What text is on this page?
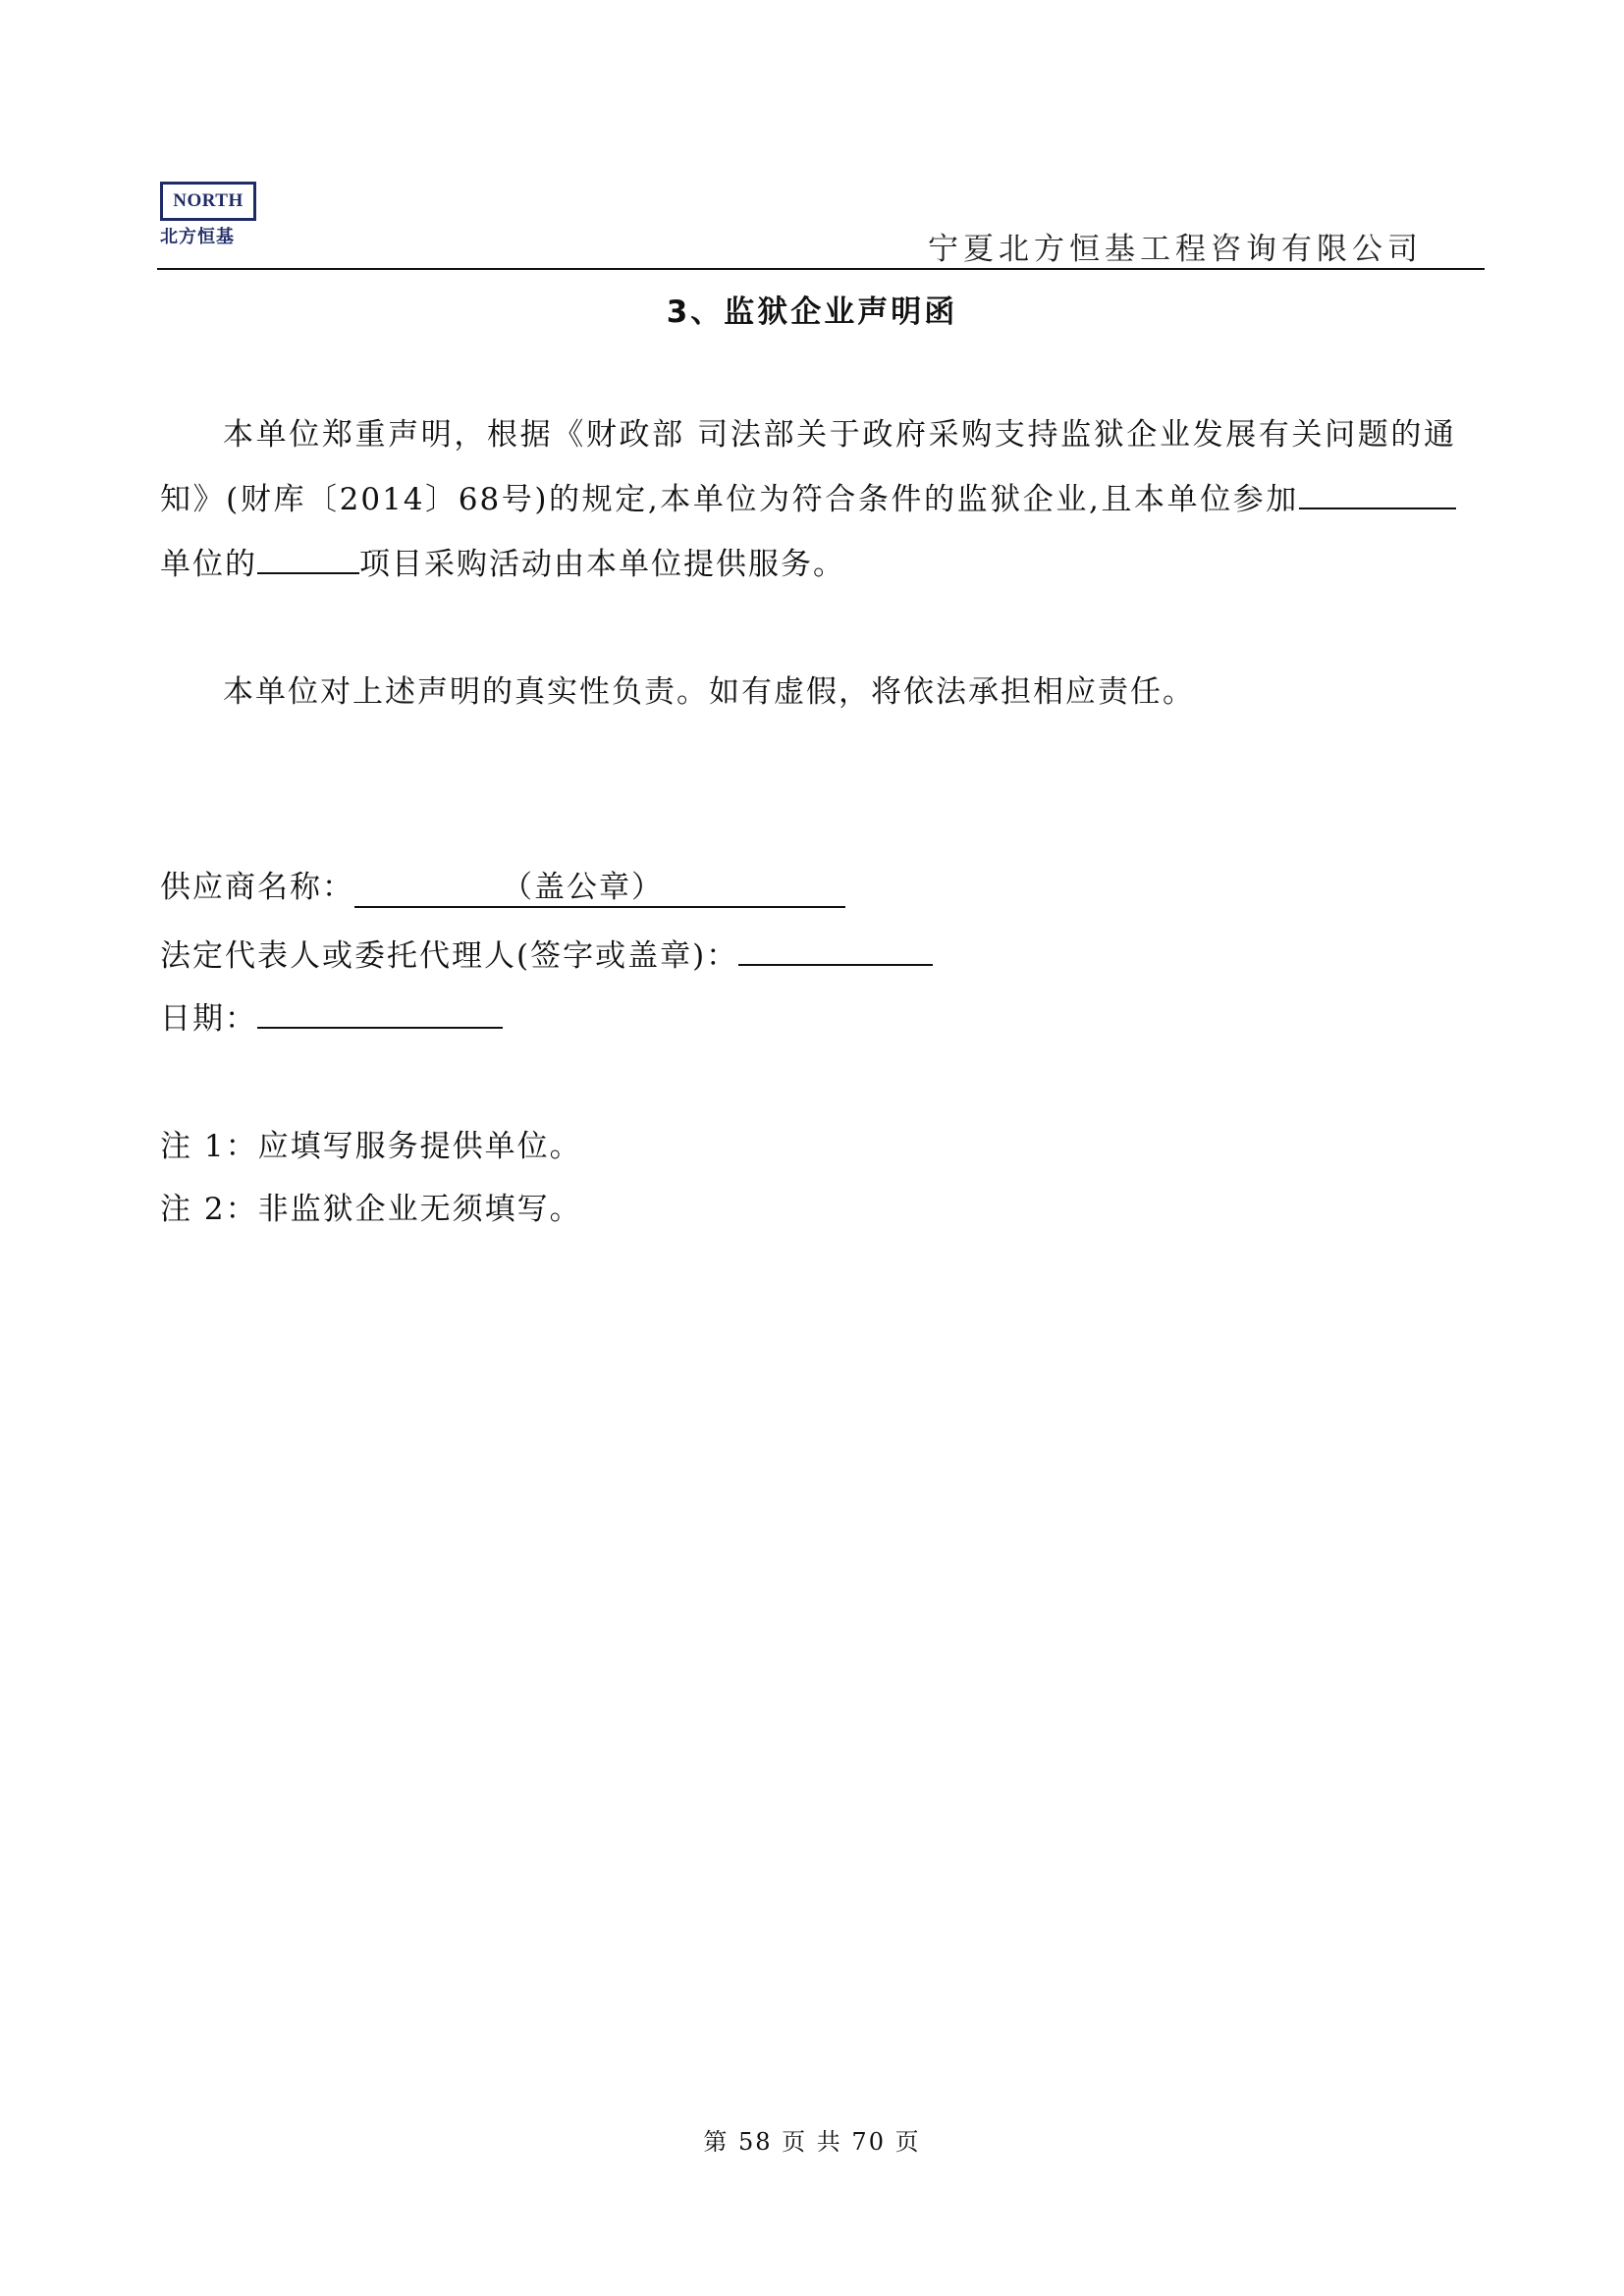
NORTH
北方恒基	宁夏北方恒基工程咨询有限公司
3、监狱企业声明函
本单位郑重声明，根据《财政部 司法部关于政府采购支持监狱企业发展有关问题的通知》(财库〔2014〕68号)的规定,本单位为符合条件的监狱企业,且本单位参加单位的	项目采购活动由本单位提供服务。
本单位对上述声明的真实性负责。如有虚假，将依法承担相应责任。
供应商名称：	（盖公章）
法定代表人或委托代理人(签字或盖章)：
日期：
注 1：应填写服务提供单位。
注 2：非监狱企业无须填写。
第 58 页 共 70 页
